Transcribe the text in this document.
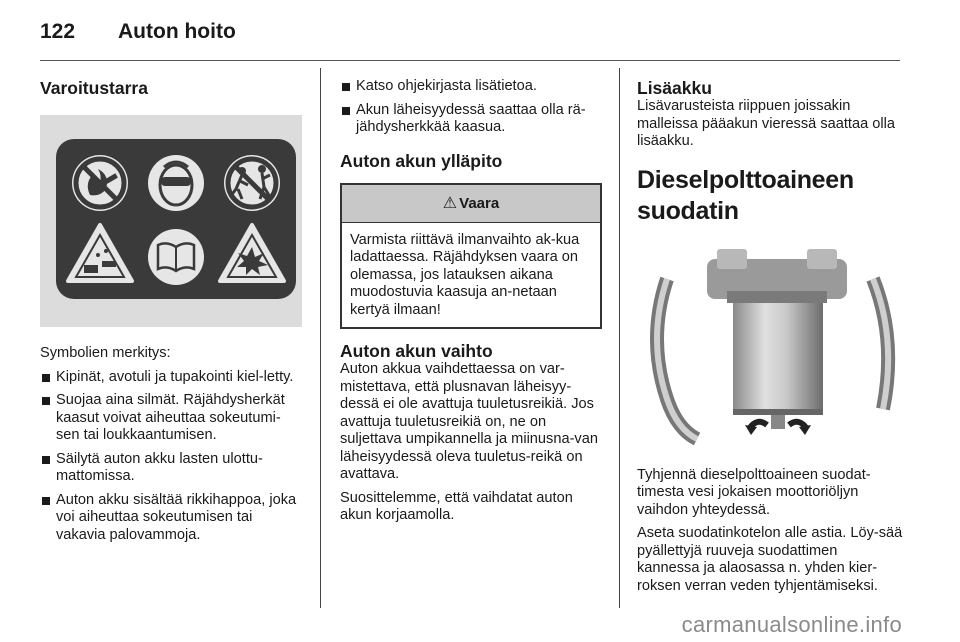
122 Auton hoito
Varoitustarra

Symbolien merkitys:

Kipinät, avotuli ja tupakointi kiel-letty.
Suojaa aina silmät. Räjähdysherkät kaasut voivat aiheuttaa sokeutumi-sen tai loukkaantumisen.
Säilytä auton akku lasten ulottu-mattomissa.
Auton akku sisältää rikkihappoa, joka voi aiheuttaa sokeutumisen tai vakavia palovammoja.
Katso ohjekirjasta lisätietoa.
Akun läheisyydessä saattaa olla rä-jähdysherkkää kaasua.
Auton akun ylläpito
⚠ Vaara
Varmista riittävä ilmanvaihto ak-kua ladattaessa. Räjähdyksen vaara on olemassa, jos latauksen aikana muodostuvia kaasuja an-netaan kertyä ilmaan!
Auton akun vaihto

Auton akkua vaihdettaessa on var-mistettava, että plusnavan läheisyy-dessä ei ole avattuja tuuletusreikiä. Jos avattuja tuuletusreikiä on, ne on suljettava umpikannella ja miinusna-van läheisyydessä oleva tuuletus-reikä on avattava.

Suosittelemme, että vaihdatat auton akun korjaamolla.

Lisäakku

Lisävarusteista riippuen joissakin malleissa pääakun vieressä saattaa olla lisäakku.

Dieselpolttoaineen
suodatin

Tyhjennä dieselpolttoaineen suodat-timesta vesi jokaisen moottoriöljyn vaihdon yhteydessä.

Aseta suodatinkotelon alle astia. Löy-sää pyällettyjä ruuveja suodattimen kannessa ja alaosassa n. yhden kier-roksen verran veden tyhjentämiseksi.

carmanualsonline.info
